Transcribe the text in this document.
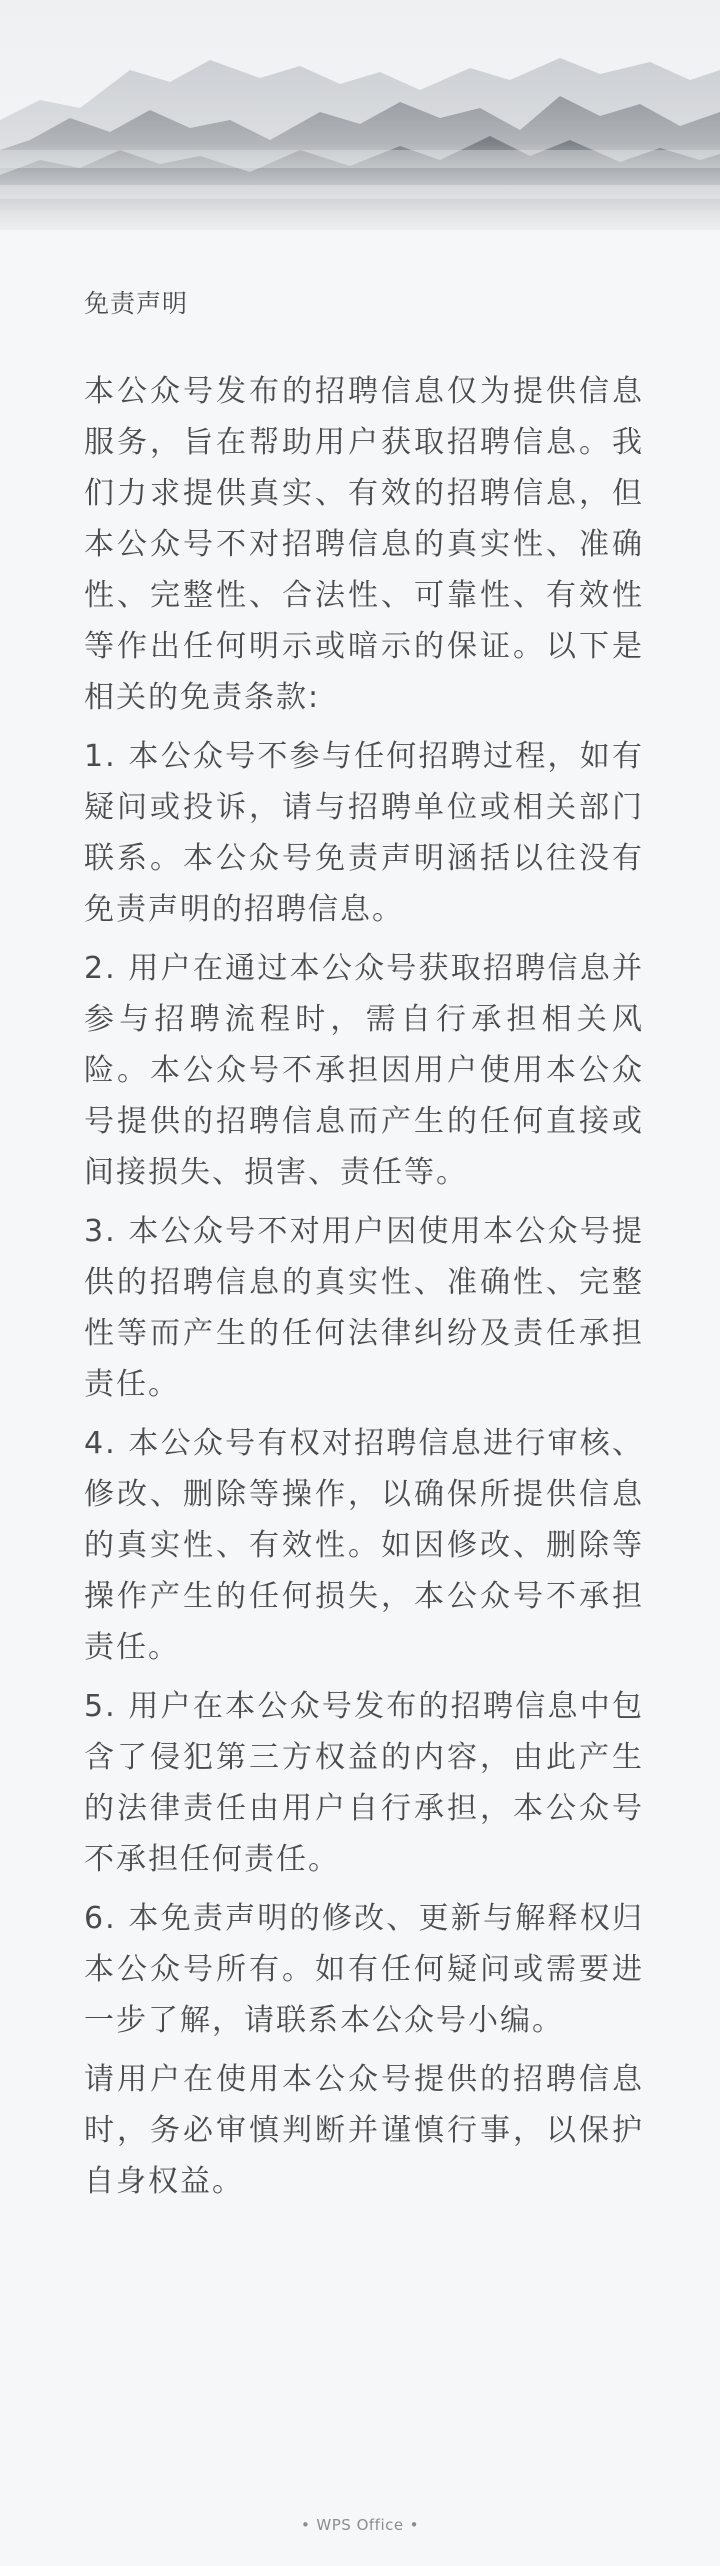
免责声明

本公众号发布的招聘信息仅为提供信息服务，旨在帮助用户获取招聘信息。我们力求提供真实、有效的招聘信息，但本公众号不对招聘信息的真实性、准确性、完整性、合法性、可靠性、有效性等作出任何明示或暗示的保证。以下是相关的免责条款:

1. 本公众号不参与任何招聘过程，如有疑问或投诉，请与招聘单位或相关部门联系。本公众号免责声明涵括以往没有免责声明的招聘信息。

2. 用户在通过本公众号获取招聘信息并参与招聘流程时，需自行承担相关风险。本公众号不承担因用户使用本公众号提供的招聘信息而产生的任何直接或间接损失、损害、责任等。

3. 本公众号不对用户因使用本公众号提供的招聘信息的真实性、准确性、完整性等而产生的任何法律纠纷及责任承担责任。

4. 本公众号有权对招聘信息进行审核、修改、删除等操作，以确保所提供信息的真实性、有效性。如因修改、删除等操作产生的任何损失，本公众号不承担责任。

5. 用户在本公众号发布的招聘信息中包含了侵犯第三方权益的内容，由此产生的法律责任由用户自行承担，本公众号不承担任何责任。

6. 本免责声明的修改、更新与解释权归本公众号所有。如有任何疑问或需要进一步了解，请联系本公众号小编。

请用户在使用本公众号提供的招聘信息时，务必审慎判断并谨慎行事，以保护自身权益。

• WPS Office •
